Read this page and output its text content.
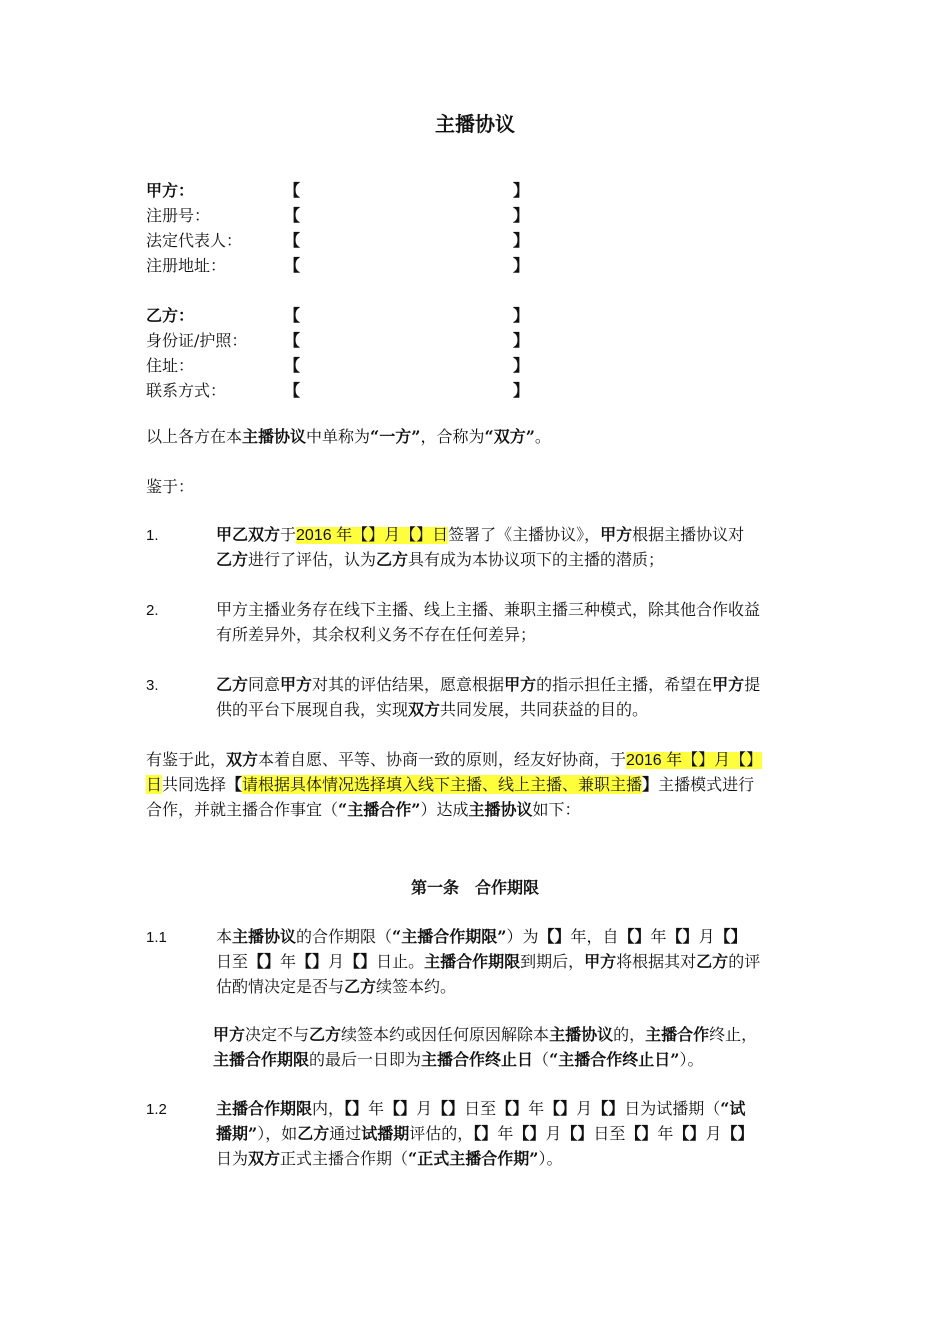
主播协议
甲方：	【	】
注册号：	【	】
法定代表人：	【	】
注册地址：	【	】
乙方：	【	】
身份证/护照： 【	】
住址：	【	】
联系方式：	【	】
以上各方在本主播协议中单称为“一方”，合称为“双方”。
鉴于：
1.	甲乙双方于2016 年【】月【】日签署了《主播协议》，甲方根据主播协议对
乙方进行了评估，认为乙方具有成为本协议项下的主播的潜质；
2.	甲方主播业务存在线下主播、线上主播、兼职主播三种模式，除其他合作收益
有所差异外，其余权利义务不存在任何差异；
3.	乙方同意甲方对其的评估结果，愿意根据甲方的指示担任主播，希望在甲方提
供的平台下展现自我，实现双方共同发展，共同获益的目的。
有鉴于此，双方本着自愿、平等、协商一致的原则，经友好协商，于2016 年【】月【】
日共同选择【请根据具体情况选择填入线下主播、线上主播、兼职主播】主播模式进行
合作，并就主播合作事宜（“主播合作”）达成主播协议如下：
第一条　合作期限
1.1	本主播协议的合作期限（“主播合作期限”）为【】年，自【】年【】月【】
日至【】年【】月【】日止。主播合作期限到期后，甲方将根据其对乙方的评
估酌情决定是否与乙方续签本约。
甲方决定不与乙方续签本约或因任何原因解除本主播协议的，主播合作终止，
主播合作期限的最后一日即为主播合作终止日（“主播合作终止日”）。
1.2	主播合作期限内，【】年【】月【】日至【】年【】月【】日为试播期（“试
播期”），如乙方通过试播期评估的，【】年【】月【】日至【】年【】月【】
日为双方正式主播合作期（“正式主播合作期”）。
